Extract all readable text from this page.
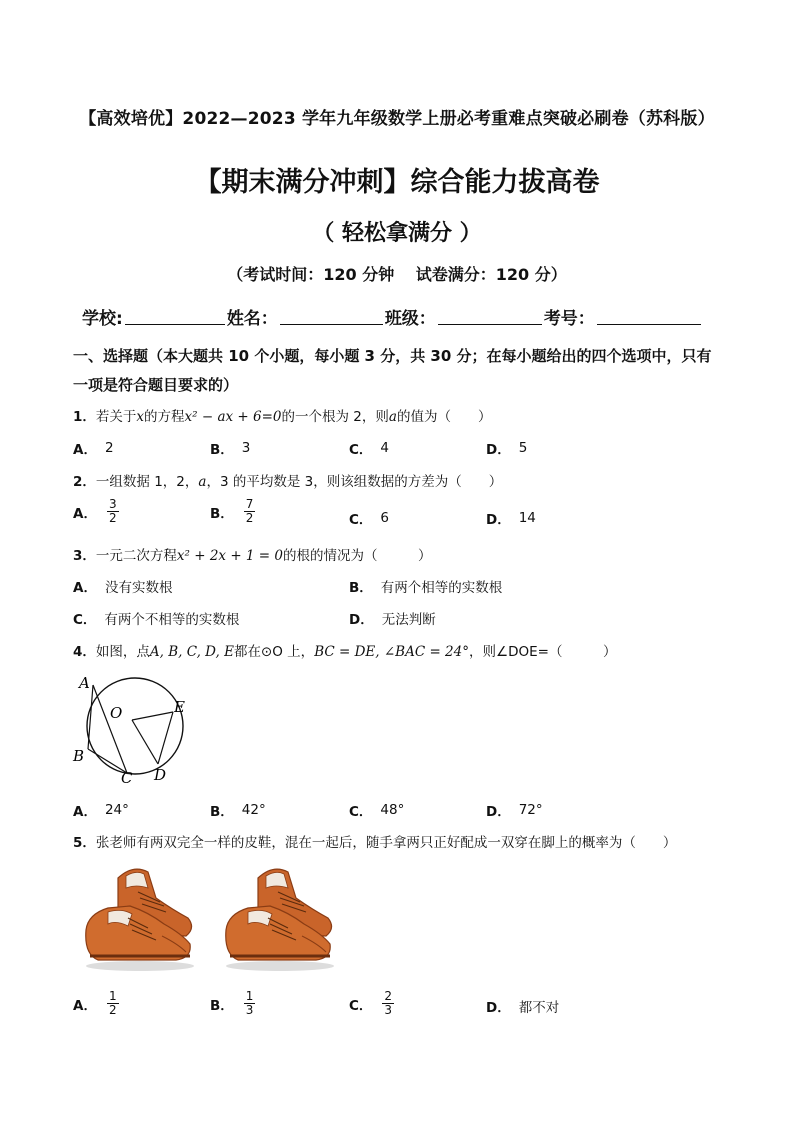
【高效培优】2022—2023 学年九年级数学上册必考重难点突破必刷卷（苏科版）
【期末满分冲刺】综合能力拔高卷
（ 轻松拿满分 ）
（考试时间：120 分钟　 试卷满分：120 分）
学校:	姓名：	班级：	考号：
一、选择题（本大题共 10 个小题，每小题 3 分，共 30 分；在每小题给出的四个选项中，只有一项是符合题目要求的）
1．若关于x的方程x² − ax + 6=0的一个根为 2，则a的值为（　　）
A． 2	B． 3	C． 4	D． 5
2．一组数据 1，2，a，3 的平均数是 3，则该组数据的方差为（　　）
A． $\frac{3}{2}$	B． $\frac{7}{2}$	C． 6	D． 14
3．一元二次方程x² + 2x + 1 = 0的根的情况为（　　　）
A． 没有实数根	B． 有两个相等的实数根
C． 有两个不相等的实数根	D． 无法判断
4．如图，点A, B, C, D, E都在⊙O 上，BC = DE, ∠BAC = 24°，则∠DOE=（　　　）
A
B
C D
E
O
A． 24°	B． 42°	C． 48°	D． 72°
5．张老师有两双完全一样的皮鞋，混在一起后，随手拿两只正好配成一双穿在脚上的概率为（　　）
A． $\frac{1}{2}$	B． $\frac{1}{3}$	C． $\frac{2}{3}$	D． 都不对
